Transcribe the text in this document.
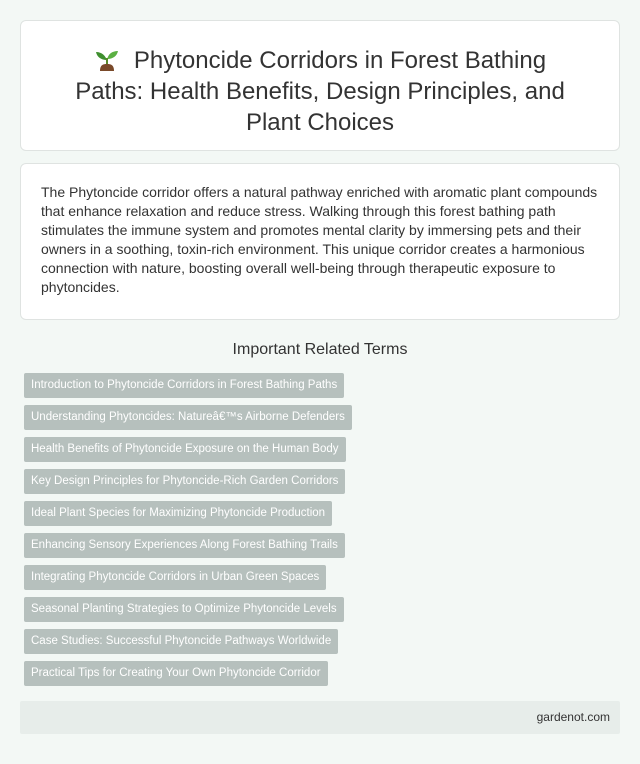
Phytoncide Corridors in Forest Bathing Paths: Health Benefits, Design Principles, and Plant Choices

The Phytoncide corridor offers a natural pathway enriched with aromatic plant compounds that enhance relaxation and reduce stress. Walking through this forest bathing path stimulates the immune system and promotes mental clarity by immersing pets and their owners in a soothing, toxin-rich environment. This unique corridor creates a harmonious connection with nature, boosting overall well-being through therapeutic exposure to phytoncides.

Important Related Terms
Introduction to Phytoncide Corridors in Forest Bathing Paths
Understanding Phytoncides: Natureâ€™s Airborne Defenders
Health Benefits of Phytoncide Exposure on the Human Body
Key Design Principles for Phytoncide-Rich Garden Corridors
Ideal Plant Species for Maximizing Phytoncide Production
Enhancing Sensory Experiences Along Forest Bathing Trails
Integrating Phytoncide Corridors in Urban Green Spaces
Seasonal Planting Strategies to Optimize Phytoncide Levels
Case Studies: Successful Phytoncide Pathways Worldwide
Practical Tips for Creating Your Own Phytoncide Corridor
gardenot.com
